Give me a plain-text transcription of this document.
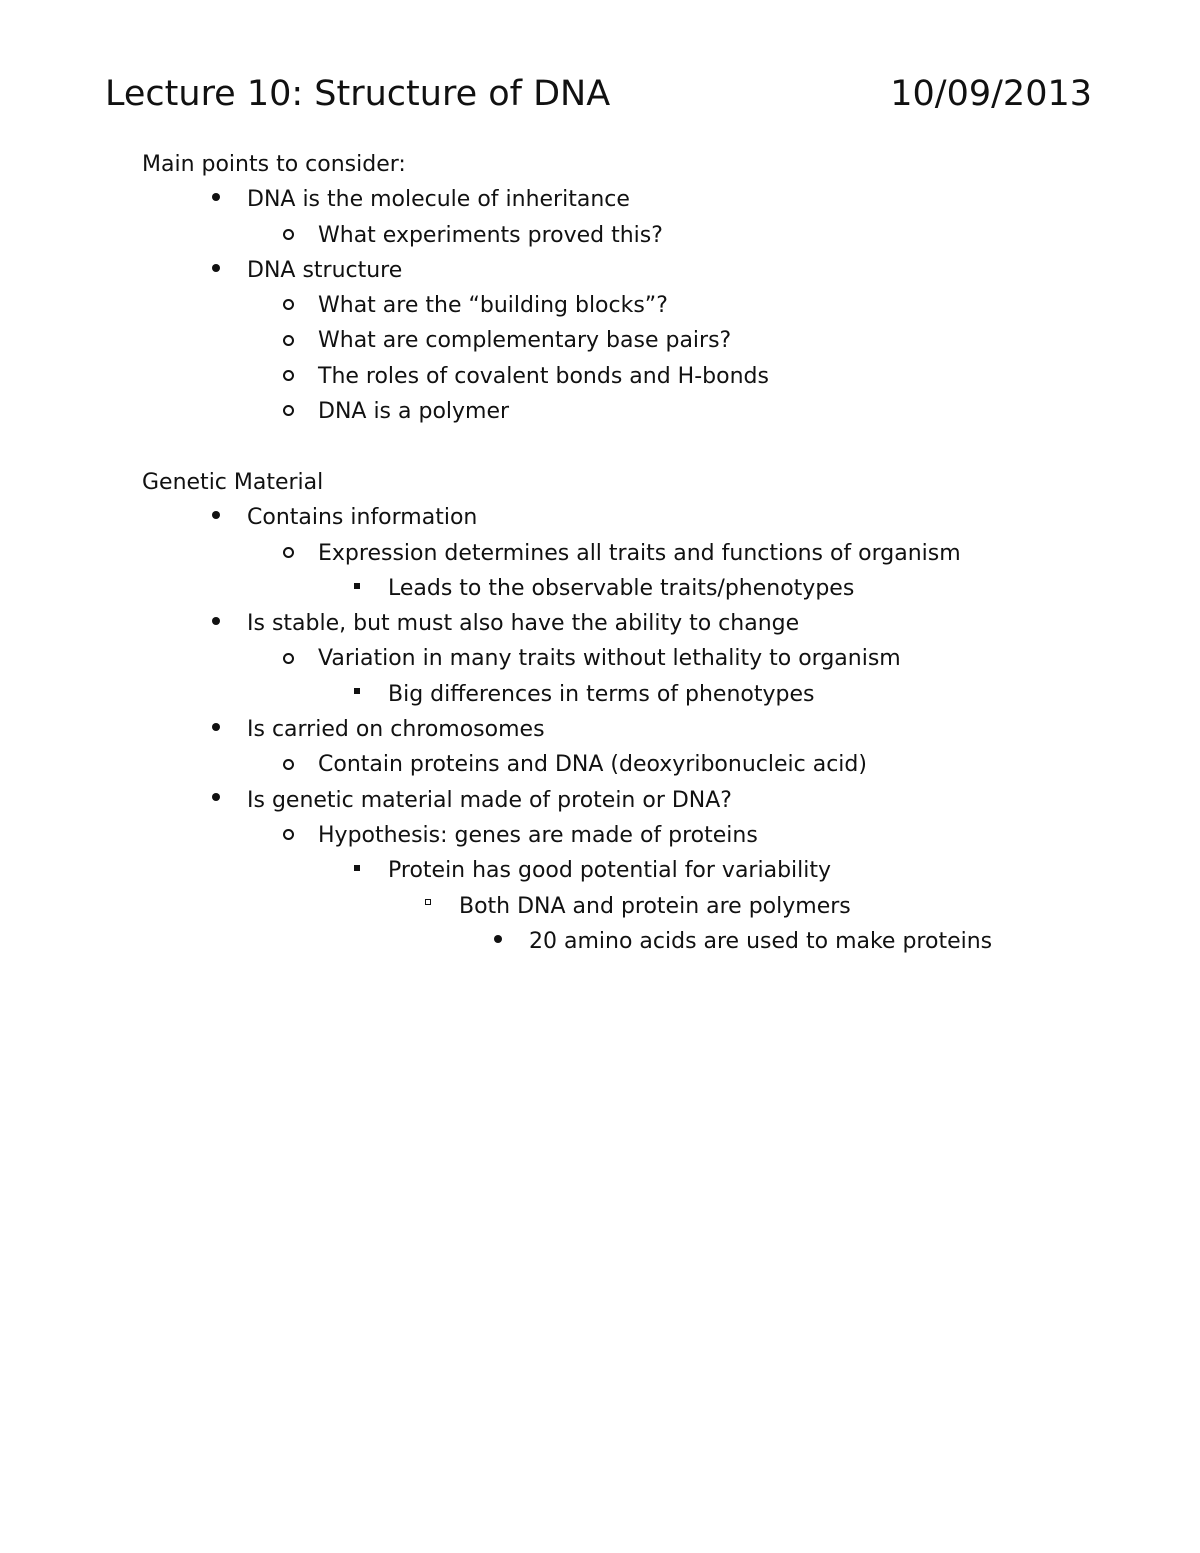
Lecture 10: Structure of DNA	10/09/2013
Main points to consider:
DNA is the molecule of inheritance
What experiments proved this?
DNA structure
What are the “building blocks”?
What are complementary base pairs?
The roles of covalent bonds and H-bonds
DNA is a polymer
Genetic Material
Contains information
Expression determines all traits and functions of organism
Leads to the observable traits/phenotypes
Is stable, but must also have the ability to change
Variation in many traits without lethality to organism
Big differences in terms of phenotypes
Is carried on chromosomes
Contain proteins and DNA (deoxyribonucleic acid)
Is genetic material made of protein or DNA?
Hypothesis: genes are made of proteins
Protein has good potential for variability
Both DNA and protein are polymers
20 amino acids are used to make proteins
